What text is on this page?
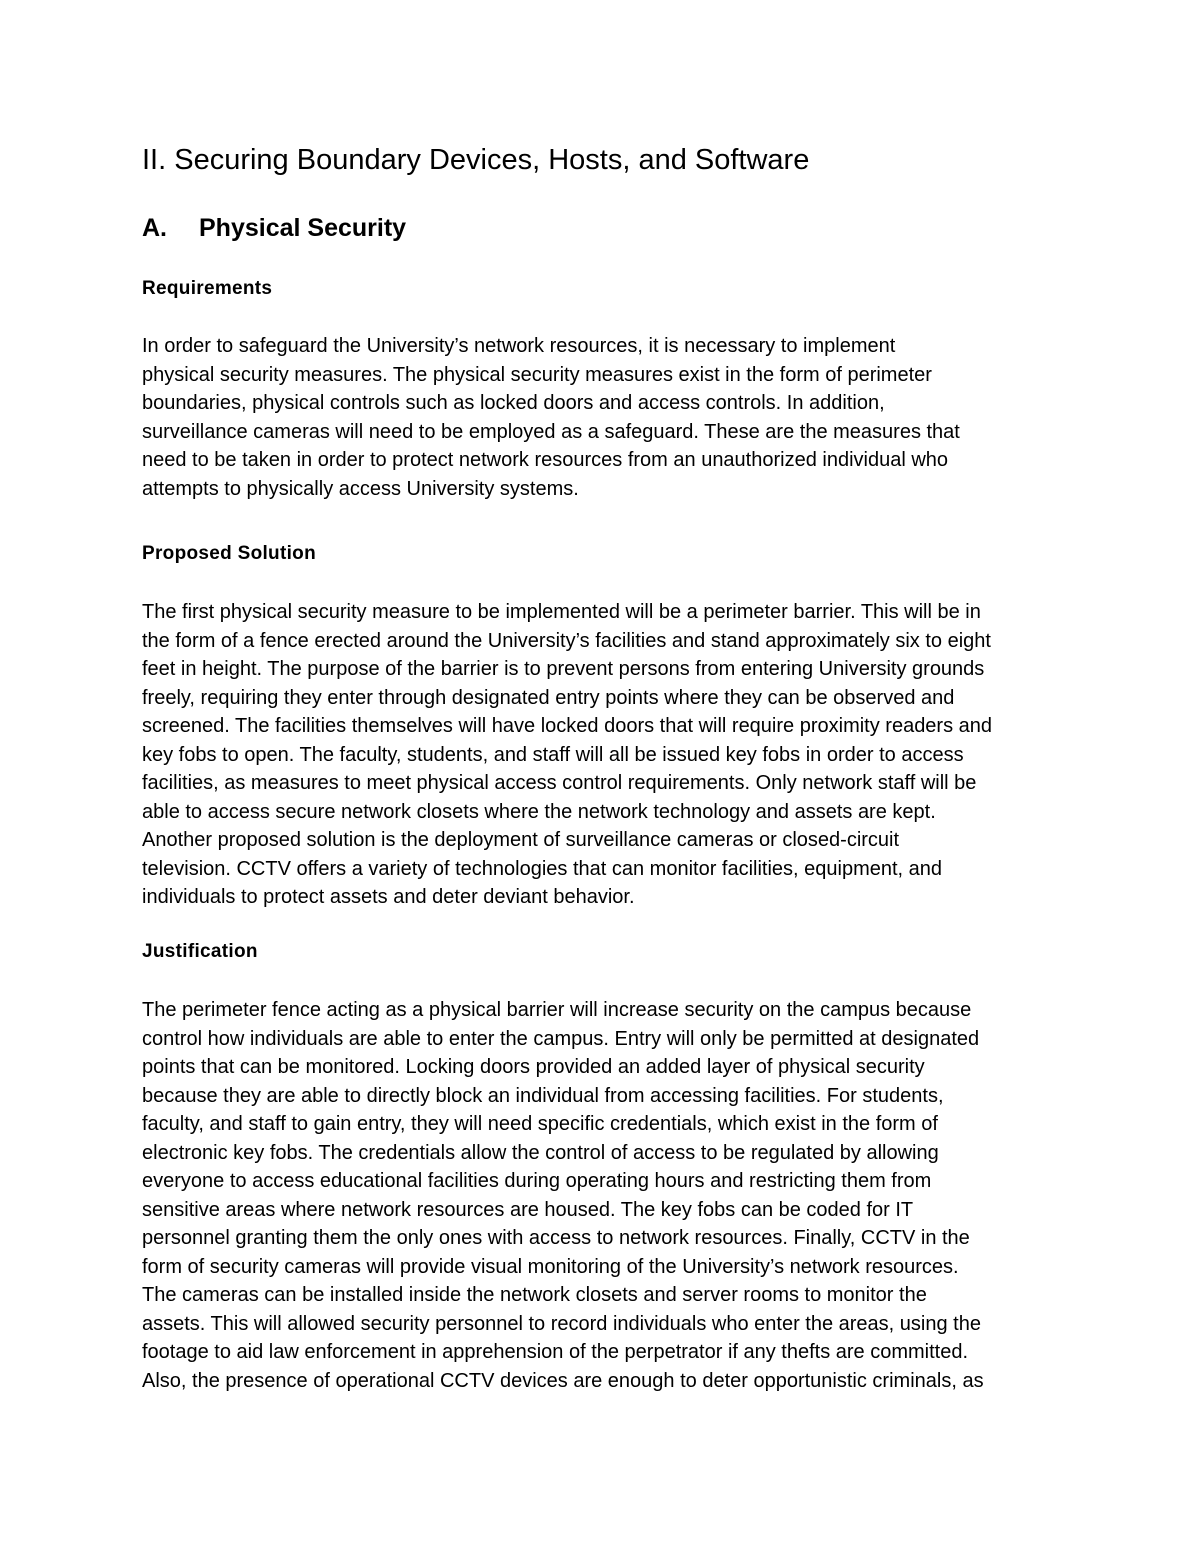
II. Securing Boundary Devices, Hosts, and Software
A. Physical Security
Requirements
In order to safeguard the University’s network resources, it is necessary to implement
physical security measures. The physical security measures exist in the form of perimeter
boundaries, physical controls such as locked doors and access controls. In addition,
surveillance cameras will need to be employed as a safeguard. These are the measures that
need to be taken in order to protect network resources from an unauthorized individual who
attempts to physically access University systems.
Proposed Solution
The first physical security measure to be implemented will be a perimeter barrier. This will be in
the form of a fence erected around the University’s facilities and stand approximately six to eight
feet in height. The purpose of the barrier is to prevent persons from entering University grounds
freely, requiring they enter through designated entry points where they can be observed and
screened. The facilities themselves will have locked doors that will require proximity readers and
key fobs to open. The faculty, students, and staff will all be issued key fobs in order to access
facilities, as measures to meet physical access control requirements. Only network staff will be
able to access secure network closets where the network technology and assets are kept.
Another proposed solution is the deployment of surveillance cameras or closed-circuit
television. CCTV offers a variety of technologies that can monitor facilities, equipment, and
individuals to protect assets and deter deviant behavior.
Justification
The perimeter fence acting as a physical barrier will increase security on the campus because
control how individuals are able to enter the campus. Entry will only be permitted at designated
points that can be monitored. Locking doors provided an added layer of physical security
because they are able to directly block an individual from accessing facilities. For students,
faculty, and staff to gain entry, they will need specific credentials, which exist in the form of
electronic key fobs. The credentials allow the control of access to be regulated by allowing
everyone to access educational facilities during operating hours and restricting them from
sensitive areas where network resources are housed. The key fobs can be coded for IT
personnel granting them the only ones with access to network resources. Finally, CCTV in the
form of security cameras will provide visual monitoring of the University’s network resources.
The cameras can be installed inside the network closets and server rooms to monitor the
assets. This will allowed security personnel to record individuals who enter the areas, using the
footage to aid law enforcement in apprehension of the perpetrator if any thefts are committed.
Also, the presence of operational CCTV devices are enough to deter opportunistic criminals, as
